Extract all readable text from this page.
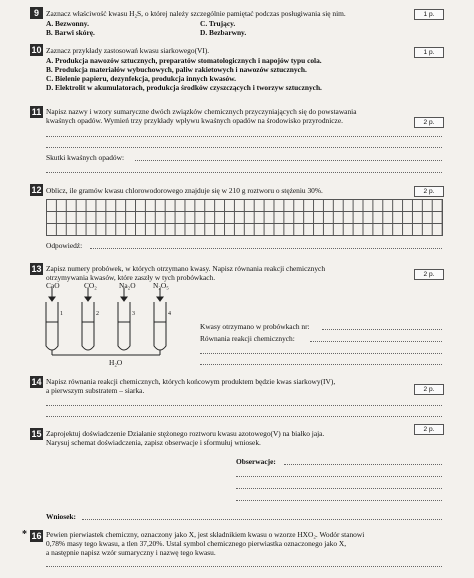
9 Zaznacz właściwość kwasu H₂S, o której należy szczególnie pamiętać podczas posługiwania się nim.	1 p.
A. Bezwonny.
B. Barwi skórę.
C. Trujący.
D. Bezbarwny.
10 Zaznacz przykłady zastosowań kwasu siarkowego(VI).	1 p.
A. Produkcja nawozów sztucznych, preparatów stomatologicznych i napojów typu cola.
B. Produkcja materiałów wybuchowych, paliw rakietowych i nawozów sztucznych.
C. Bielenie papieru, dezynfekcja, produkcja innych kwasów.
D. Elektrolit w akumulatorach, produkcja środków czyszczących i tworzyw sztucznych.
11 Napisz nazwy i wzory sumaryczne dwóch związków chemicznych przyczyniających się do powstawania
kwaśnych opadów. Wymień trzy przykłady wpływu kwaśnych opadów na środowisko przyrodnicze.	2 p.
Skutki kwaśnych opadów:
12 Oblicz, ile gramów kwasu chlorowodorowego znajduje się w 210 g roztworu o stężeniu 30%.	2 p.
Odpowiedź:
13 Zapisz numery probówek, w których otrzymano kwasy. Napisz równania reakcji chemicznych
otrzymywania kwasów, które zaszły w tych probówkach.	2 p.
CaO	CO₂	Na₂O N₂O₅
1	2	3	4
H₂O
Kwasy otrzymano w probówkach nr:
Równania reakcji chemicznych:
14 Napisz równania reakcji chemicznych, których końcowym produktem będzie kwas siarkowy(IV),
a pierwszym substratem – siarka.	2 p.
15 Zaprojektuj doświadczenie Działanie stężonego roztworu kwasu azotowego(V) na białko jaja.
Narysuj schemat doświadczenia, zapisz obserwacje i sformułuj wniosek.
2 p.
Obserwacje:
Wniosek:
* 16 Pewien pierwiastek chemiczny, oznaczony jako X, jest składnikiem kwasu o wzorze HXO₂. Wodór stanowi
0,78% masy tego kwasu, a tlen 37,20%. Ustal symbol chemicznego pierwiastka oznaczonego jako X,
a następnie napisz wzór sumaryczny i nazwę tego kwasu.
